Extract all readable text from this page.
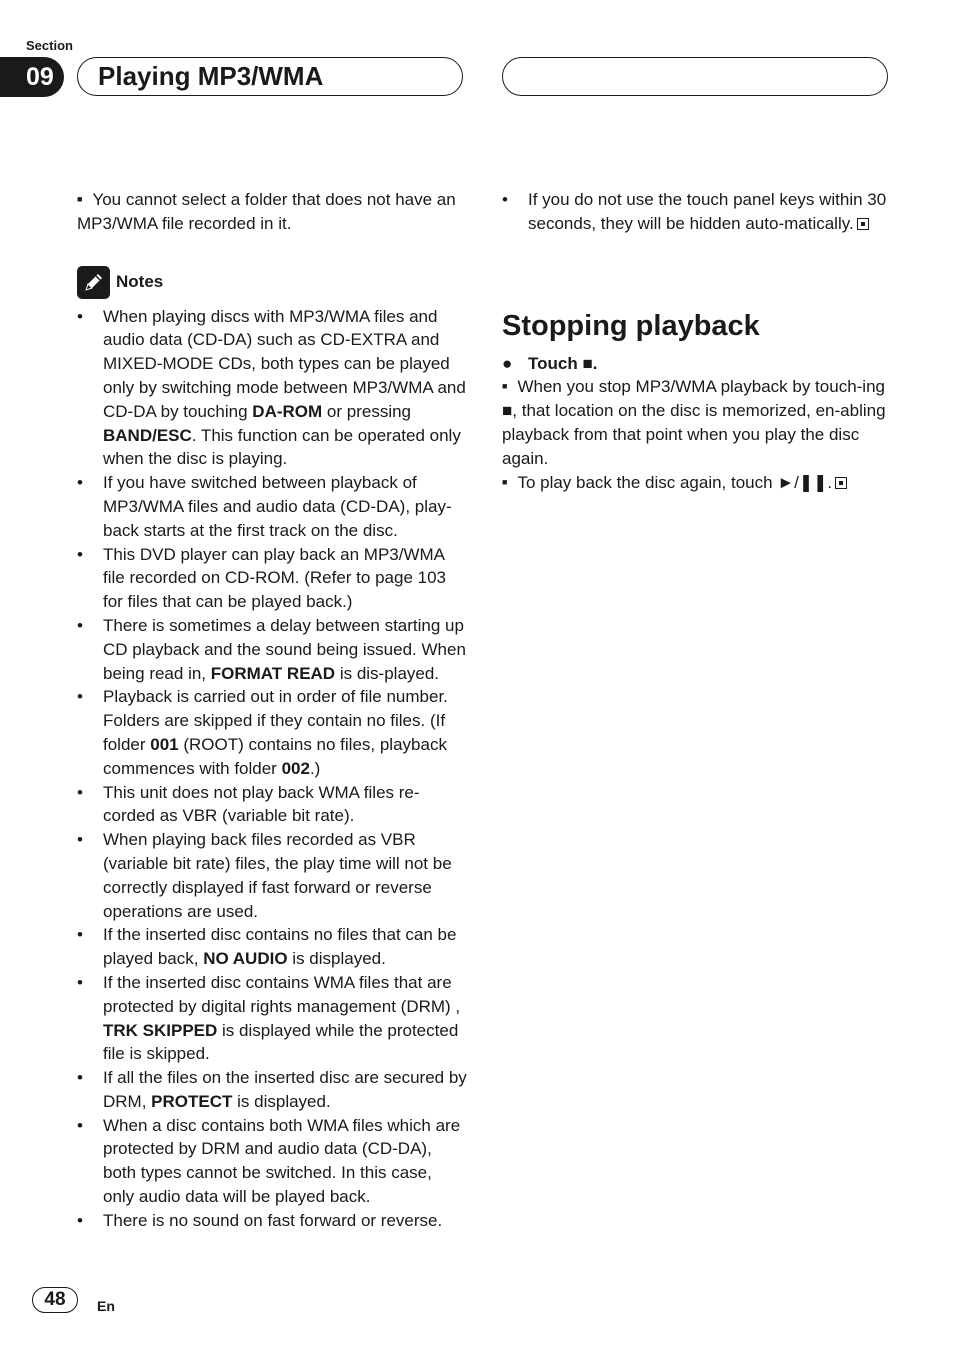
Section
09	Playing MP3/WMA

■ You cannot select a folder that does not have an MP3/WMA file recorded in it.

Notes
• When playing discs with MP3/WMA files and audio data (CD-DA) such as CD-EXTRA and MIXED-MODE CDs, both types can be played only by switching mode between MP3/WMA and CD-DA by touching DA-ROM or pressing BAND/ESC. This function can be operated only when the disc is playing.
• If you have switched between playback of MP3/WMA files and audio data (CD-DA), play-back starts at the first track on the disc.
• This DVD player can play back an MP3/WMA file recorded on CD-ROM. (Refer to page 103 for files that can be played back.)
• There is sometimes a delay between starting up CD playback and the sound being issued. When being read in, FORMAT READ is dis-played.
• Playback is carried out in order of file number. Folders are skipped if they contain no files. (If folder 001 (ROOT) contains no files, playback commences with folder 002.)
• This unit does not play back WMA files re-corded as VBR (variable bit rate).
• When playing back files recorded as VBR (variable bit rate) files, the play time will not be correctly displayed if fast forward or reverse operations are used.
• If the inserted disc contains no files that can be played back, NO AUDIO is displayed.
• If the inserted disc contains WMA files that are protected by digital rights management (DRM) , TRK SKIPPED is displayed while the protected file is skipped.
• If all the files on the inserted disc are secured by DRM, PROTECT is displayed.
• When a disc contains both WMA files which are protected by DRM and audio data (CD-DA), both types cannot be switched. In this case, only audio data will be played back.
• There is no sound on fast forward or reverse.
• If you do not use the touch panel keys within 30 seconds, they will be hidden auto-matically.
Stopping playback
● Touch ■.

■ When you stop MP3/WMA playback by touch-ing ■, that location on the disc is memorized, en-abling playback from that point when you play the disc again.

■ To play back the disc again, touch ►/❚❚.

48	En
